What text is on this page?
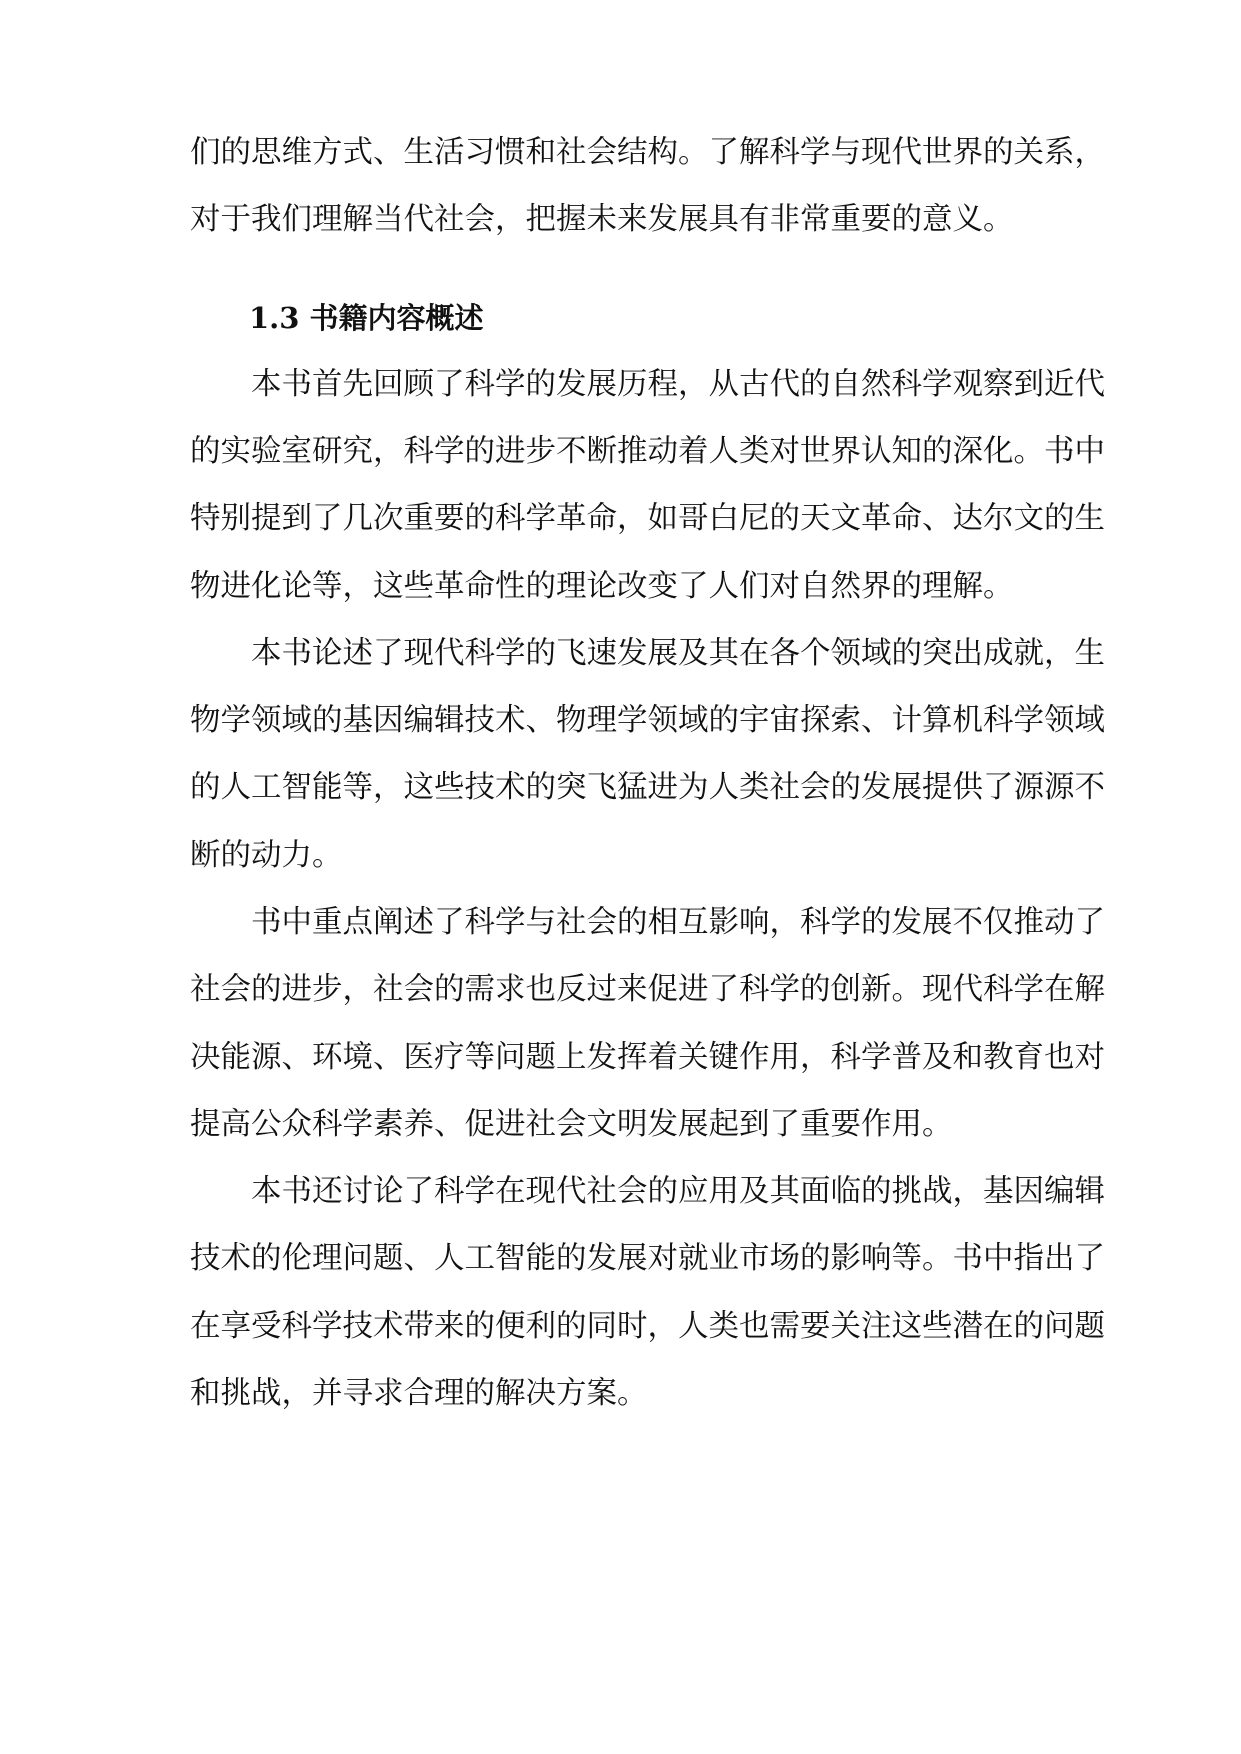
们的思维方式、生活习惯和社会结构。了解科学与现代世界的关系，
对于我们理解当代社会，把握未来发展具有非常重要的意义。
1.3 书籍内容概述
本书首先回顾了科学的发展历程，从古代的自然科学观察到近代
的实验室研究，科学的进步不断推动着人类对世界认知的深化。书中
特别提到了几次重要的科学革命，如哥白尼的天文革命、达尔文的生
物进化论等，这些革命性的理论改变了人们对自然界的理解。
本书论述了现代科学的飞速发展及其在各个领域的突出成就，生
物学领域的基因编辑技术、物理学领域的宇宙探索、计算机科学领域
的人工智能等，这些技术的突飞猛进为人类社会的发展提供了源源不
断的动力。
书中重点阐述了科学与社会的相互影响，科学的发展不仅推动了
社会的进步，社会的需求也反过来促进了科学的创新。现代科学在解
决能源、环境、医疗等问题上发挥着关键作用，科学普及和教育也对
提高公众科学素养、促进社会文明发展起到了重要作用。
本书还讨论了科学在现代社会的应用及其面临的挑战，基因编辑
技术的伦理问题、人工智能的发展对就业市场的影响等。书中指出了
在享受科学技术带来的便利的同时，人类也需要关注这些潜在的问题
和挑战，并寻求合理的解决方案。
